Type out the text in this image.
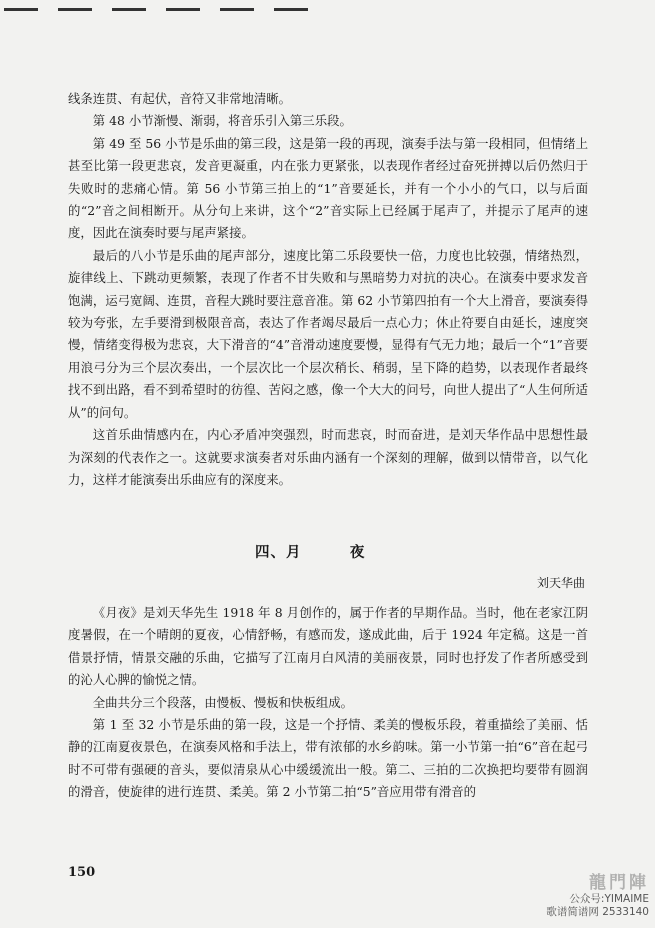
线条连贯、有起伏，音符又非常地清晰。

第 48 小节渐慢、渐弱，将音乐引入第三乐段。

第 49 至 56 小节是乐曲的第三段，这是第一段的再现，演奏手法与第一段相同，但情绪上甚至比第一段更悲哀，发音更凝重，内在张力更紧张，以表现作者经过奋死拼搏以后仍然归于失败时的悲痛心情。第 56 小节第三拍上的“1”音要延长，并有一个小小的气口，以与后面的“2”音之间相断开。从分句上来讲，这个“2”音实际上已经属于尾声了，并提示了尾声的速度，因此在演奏时要与尾声紧接。

最后的八小节是乐曲的尾声部分，速度比第二乐段要快一倍，力度也比较强，情绪热烈，旋律线上、下跳动更频繁，表现了作者不甘失败和与黑暗势力对抗的决心。在演奏中要求发音饱满，运弓宽阔、连贯，音程大跳时要注意音准。第 62 小节第四拍有一个大上滑音，要演奏得较为夸张，左手要滑到极限音高，表达了作者竭尽最后一点心力；休止符要自由延长，速度突慢，情绪变得极为悲哀，大下滑音的“4”音滑动速度要慢，显得有气无力地；最后一个“1”音要用浪弓分为三个层次奏出，一个层次比一个层次稍长、稍弱，呈下降的趋势，以表现作者最终找不到出路，看不到希望时的彷徨、苦闷之感，像一个大大的问号，向世人提出了“人生何所适从”的问句。

这首乐曲情感内在，内心矛盾冲突强烈，时而悲哀，时而奋进，是刘天华作品中思想性最为深刻的代表作之一。这就要求演奏者对乐曲内涵有一个深刻的理解，做到以情带音，以气化力，这样才能演奏出乐曲应有的深度来。

四、月        夜
刘天华曲

《月夜》是刘天华先生 1918 年 8 月创作的，属于作者的早期作品。当时，他在老家江阴度暑假，在一个晴朗的夏夜，心情舒畅，有感而发，遂成此曲，后于 1924 年定稿。这是一首借景抒情，情景交融的乐曲，它描写了江南月白风清的美丽夜景，同时也抒发了作者所感受到的沁人心脾的愉悦之情。

全曲共分三个段落，由慢板、慢板和快板组成。

第 1 至 32 小节是乐曲的第一段，这是一个抒情、柔美的慢板乐段，着重描绘了美丽、恬静的江南夏夜景色，在演奏风格和手法上，带有浓郁的水乡韵味。第一小节第一拍“6”音在起弓时不可带有强硬的音头，要似清泉从心中缓缓流出一般。第二、三拍的二次换把均要带有圆润的滑音，使旋律的进行连贯、柔美。第 2 小节第二拍“5”音应用带有滑音的

150
龍門陣
公众号:YIMAIME
歌谱简谱网 2533140
